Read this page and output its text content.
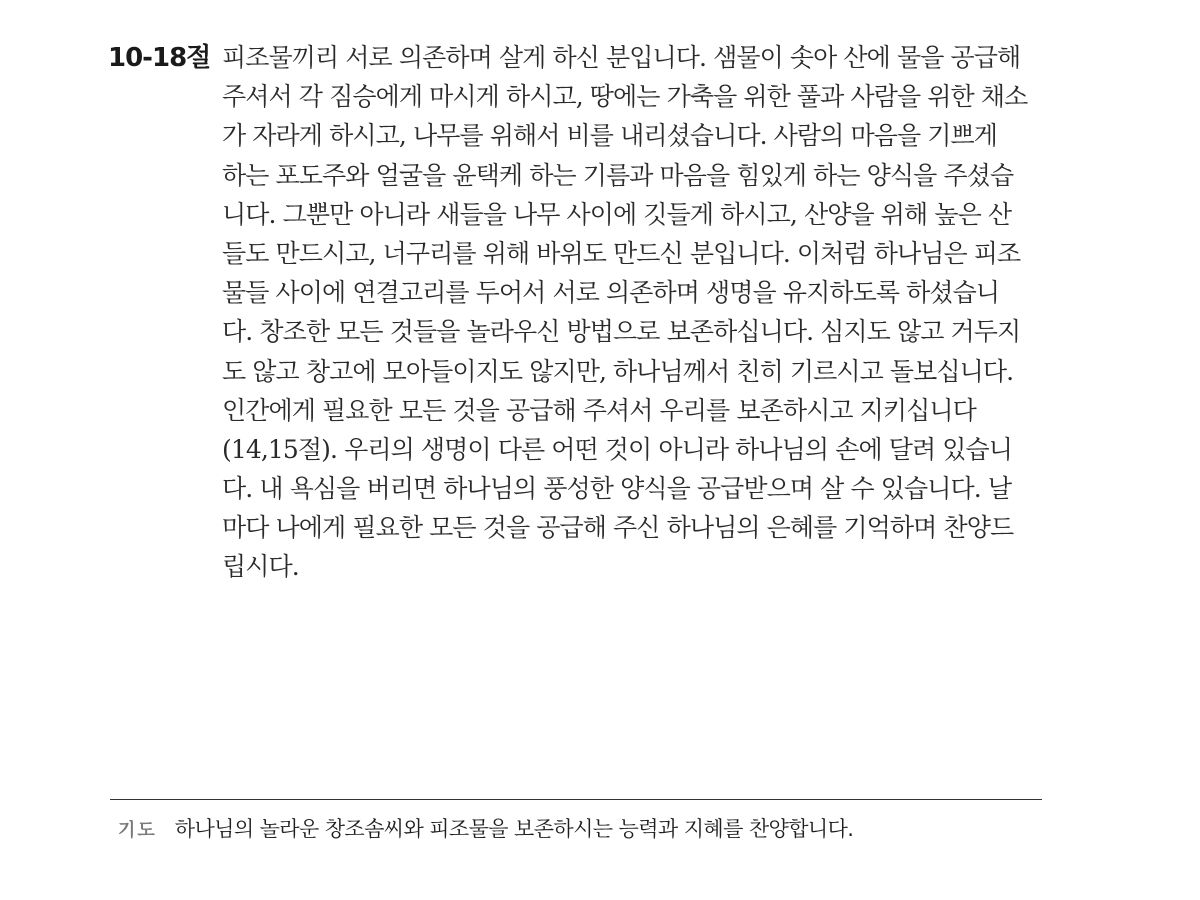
10-18절 피조물끼리 서로 의존하며 살게 하신 분입니다. 샘물이 솟아 산에 물을 공급해
주셔서 각 짐승에게 마시게 하시고, 땅에는 가축을 위한 풀과 사람을 위한 채소
가 자라게 하시고, 나무를 위해서 비를 내리셨습니다. 사람의 마음을 기쁘게
하는 포도주와 얼굴을 윤택케 하는 기름과 마음을 힘있게 하는 양식을 주셨습
니다. 그뿐만 아니라 새들을 나무 사이에 깃들게 하시고, 산양을 위해 높은 산
들도 만드시고, 너구리를 위해 바위도 만드신 분입니다. 이처럼 하나님은 피조
물들 사이에 연결고리를 두어서 서로 의존하며 생명을 유지하도록 하셨습니
다. 창조한 모든 것들을 놀라우신 방법으로 보존하십니다. 심지도 않고 거두지
도 않고 창고에 모아들이지도 않지만, 하나님께서 친히 기르시고 돌보십니다.
인간에게 필요한 모든 것을 공급해 주셔서 우리를 보존하시고 지키십니다
(14,15절). 우리의 생명이 다른 어떤 것이 아니라 하나님의 손에 달려 있습니
다. 내 욕심을 버리면 하나님의 풍성한 양식을 공급받으며 살 수 있습니다. 날
마다 나에게 필요한 모든 것을 공급해 주신 하나님의 은혜를 기억하며 찬양드
립시다.
기도 하나님의 놀라운 창조솜씨와 피조물을 보존하시는 능력과 지혜를 찬양합니다.
